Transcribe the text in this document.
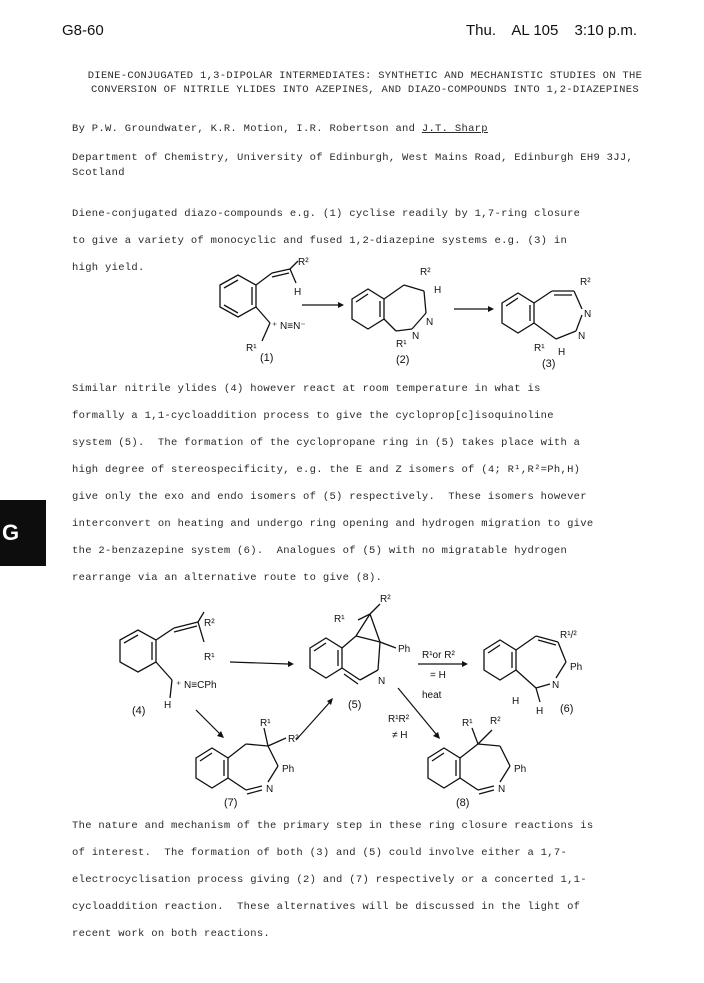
G8-60	Thu. AL 105 3:10 p.m.
DIENE-CONJUGATED 1,3-DIPOLAR INTERMEDIATES: SYNTHETIC AND MECHANISTIC STUDIES ON THE CONVERSION OF NITRILE YLIDES INTO AZEPINES, AND DIAZO-COMPOUNDS INTO 1,2-DIAZEPINES
By P.W. Groundwater, K.R. Motion, I.R. Robertson and J.T. Sharp
Department of Chemistry, University of Edinburgh, West Mains Road, Edinburgh EH9 3JJ, Scotland

Diene-conjugated diazo-compounds e.g. (1) cyclise readily by 1,7-ring closure

to give a variety of monocyclic and fused 1,2-diazepine systems e.g. (3) in

high yield.	R²
H
⁺ N≡N⁻
R¹
(1)
R²
H
N
N
R¹
(2)
R²
N
N
R¹ H
(3)

Similar nitrile ylides (4) however react at room temperature in what is

formally a 1,1-cycloaddition process to give the cycloprop[c]isoquinoline

system (5).  The formation of the cyclopropane ring in (5) takes place with a

high degree of stereospecificity, e.g. the E and Z isomers of (4; R¹,R²=Ph,H)

give only the exo and endo isomers of (5) respectively.  These isomers however

interconvert on heating and undergo ring opening and hydrogen migration to give

the 2-benzazepine system (6).  Analogues of (5) with no migratable hydrogen

rearrange via an alternative route to give (8).

G
R²
R¹
⁺ N≡CPh
H
(4)
R¹
R²
Ph
N
(5)
R¹or R²
= H
heat
R¹R²
≠ H
R¹/²
Ph
N
H
H (6)
R¹
R²
Ph
N
(7)
R¹ R²
Ph
N
(8)

The nature and mechanism of the primary step in these ring closure reactions is

of interest.  The formation of both (3) and (5) could involve either a 1,7-

electrocyclisation process giving (2) and (7) respectively or a concerted 1,1-

cycloaddition reaction.  These alternatives will be discussed in the light of

recent work on both reactions.
